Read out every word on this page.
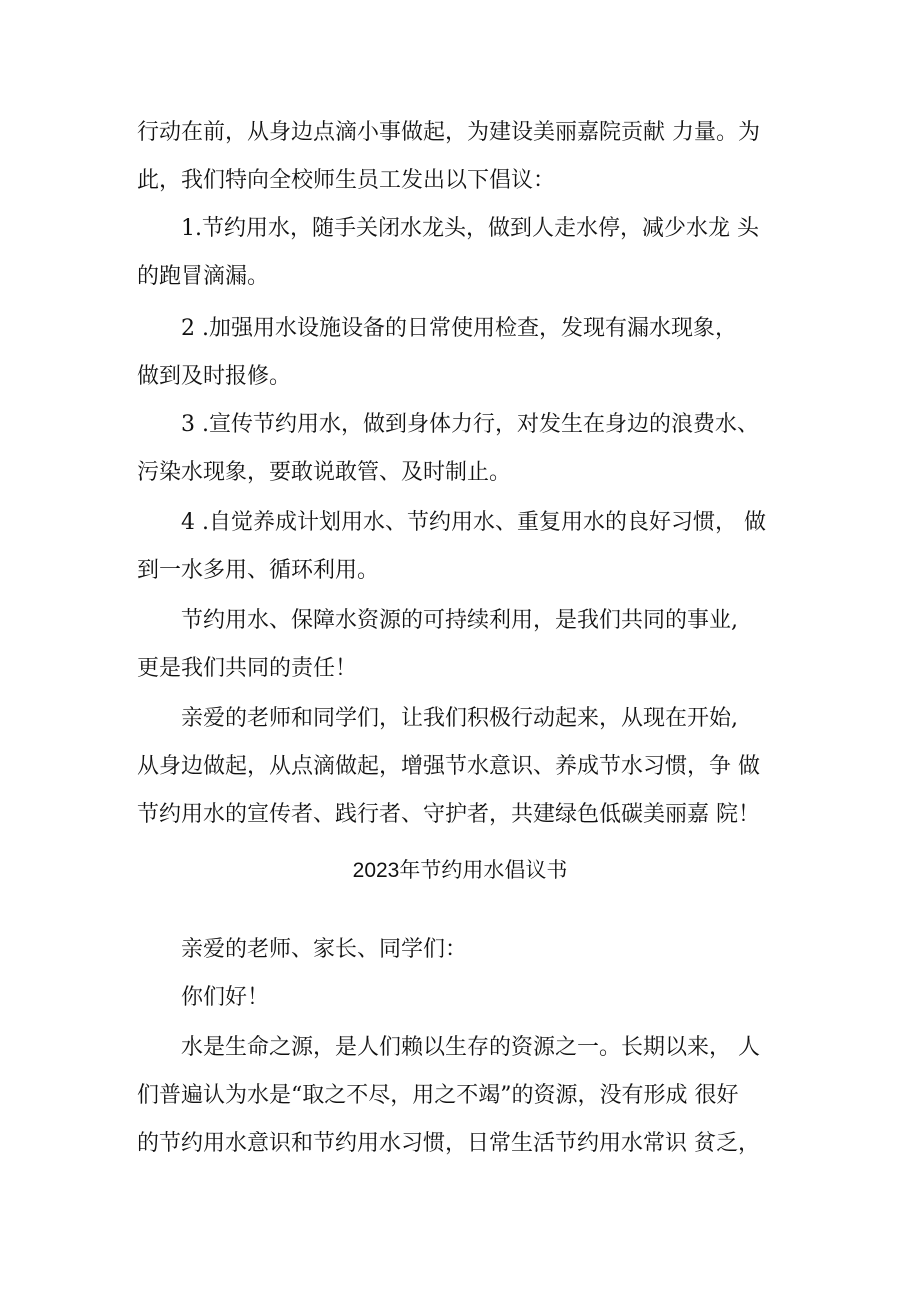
行动在前，从身边点滴小事做起，为建设美丽嘉院贡献 力量。为
此，我们特向全校师生员工发出以下倡议：
1.节约用水，随手关闭水龙头，做到人走水停，减少水龙 头
的跑冒滴漏。
2 .加强用水设施设备的日常使用检查，发现有漏水现象，
做到及时报修。
3 .宣传节约用水，做到身体力行，对发生在身边的浪费水、
污染水现象，要敢说敢管、及时制止。
4 .自觉养成计划用水、节约用水、重复用水的良好习惯， 做
到一水多用、循环利用。
节约用水、保障水资源的可持续利用，是我们共同的事业,
更是我们共同的责任！
亲爱的老师和同学们，让我们积极行动起来，从现在开始,
从身边做起，从点滴做起，增强节水意识、养成节水习惯，争 做
节约用水的宣传者、践行者、守护者，共建绿色低碳美丽嘉 院！
2023年节约用水倡议书
亲爱的老师、家长、同学们：
你们好！
水是生命之源，是人们赖以生存的资源之一。长期以来， 人
们普遍认为水是“取之不尽，用之不竭”的资源，没有形成 很好
的节约用水意识和节约用水习惯，日常生活节约用水常识 贫乏，
